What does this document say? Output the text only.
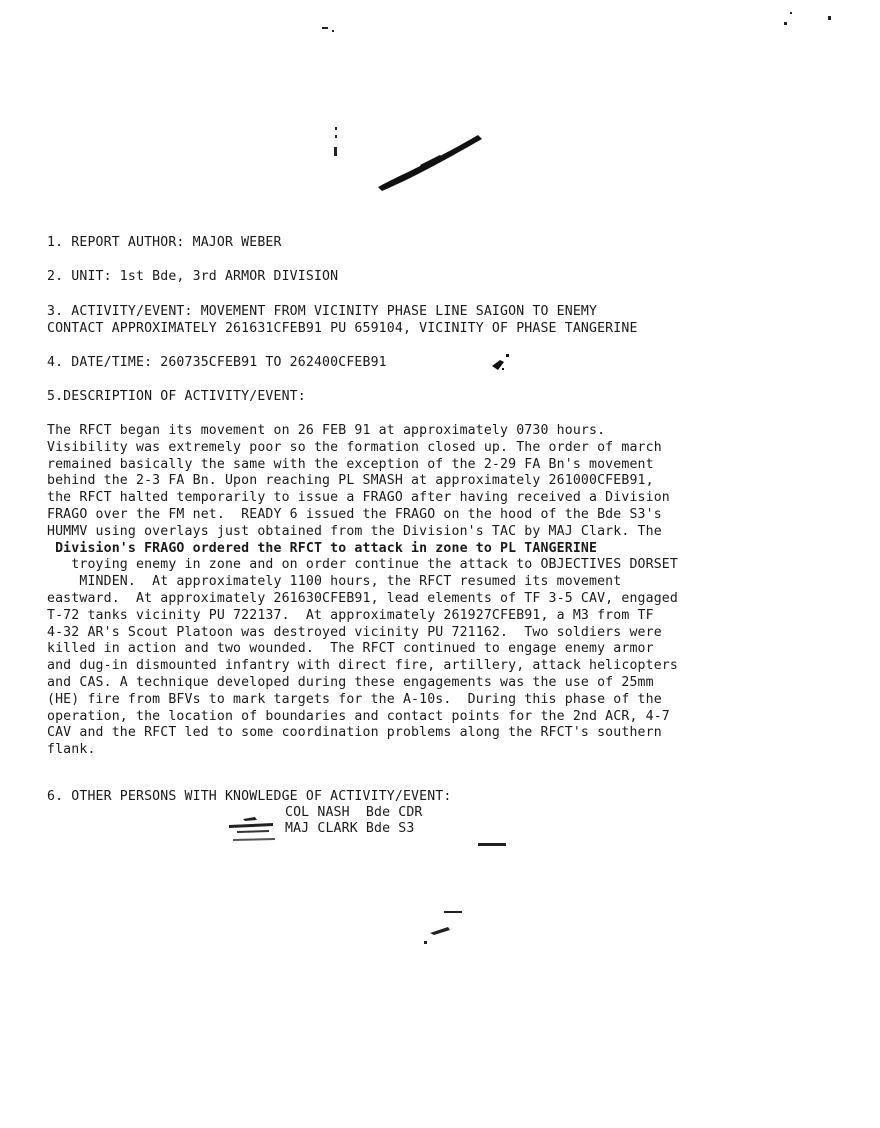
1. REPORT AUTHOR: MAJOR WEBER
2. UNIT: 1st Bde, 3rd ARMOR DIVISION
3. ACTIVITY/EVENT: MOVEMENT FROM VICINITY PHASE LINE SAIGON TO ENEMY
CONTACT APPROXIMATELY 261631CFEB91 PU 659104, VICINITY OF PHASE TANGERINE
4. DATE/TIME: 260735CFEB91 TO 262400CFEB91
5.DESCRIPTION OF ACTIVITY/EVENT:
The RFCT began its movement on 26 FEB 91 at approximately 0730 hours.
Visibility was extremely poor so the formation closed up. The order of march
remained basically the same with the exception of the 2-29 FA Bn's movement
behind the 2-3 FA Bn. Upon reaching PL SMASH at approximately 261000CFEB91,
the RFCT halted temporarily to issue a FRAGO after having received a Division
FRAGO over the FM net.  READY 6 issued the FRAGO on the hood of the Bde S3's
HUMMV using overlays just obtained from the Division's TAC by MAJ Clark. The
Division's FRAGO ordered the RFCT to attack in zone to PL TANGERINE
troying enemy in zone and on order continue the attack to OBJECTIVES DORSET
MINDEN.  At approximately 1100 hours, the RFCT resumed its movement
eastward.  At approximately 261630CFEB91, lead elements of TF 3-5 CAV, engaged
T-72 tanks vicinity PU 722137.  At approximately 261927CFEB91, a M3 from TF
4-32 AR's Scout Platoon was destroyed vicinity PU 721162.  Two soldiers were
killed in action and two wounded.  The RFCT continued to engage enemy armor
and dug-in dismounted infantry with direct fire, artillery, attack helicopters
and CAS. A technique developed during these engagements was the use of 25mm
(HE) fire from BFVs to mark targets for the A-10s.  During this phase of the
operation, the location of boundaries and contact points for the 2nd ACR, 4-7
CAV and the RFCT led to some coordination problems along the RFCT's southern
flank.
6. OTHER PERSONS WITH KNOWLEDGE OF ACTIVITY/EVENT:
COL NASH  Bde CDR
MAJ CLARK Bde S3
